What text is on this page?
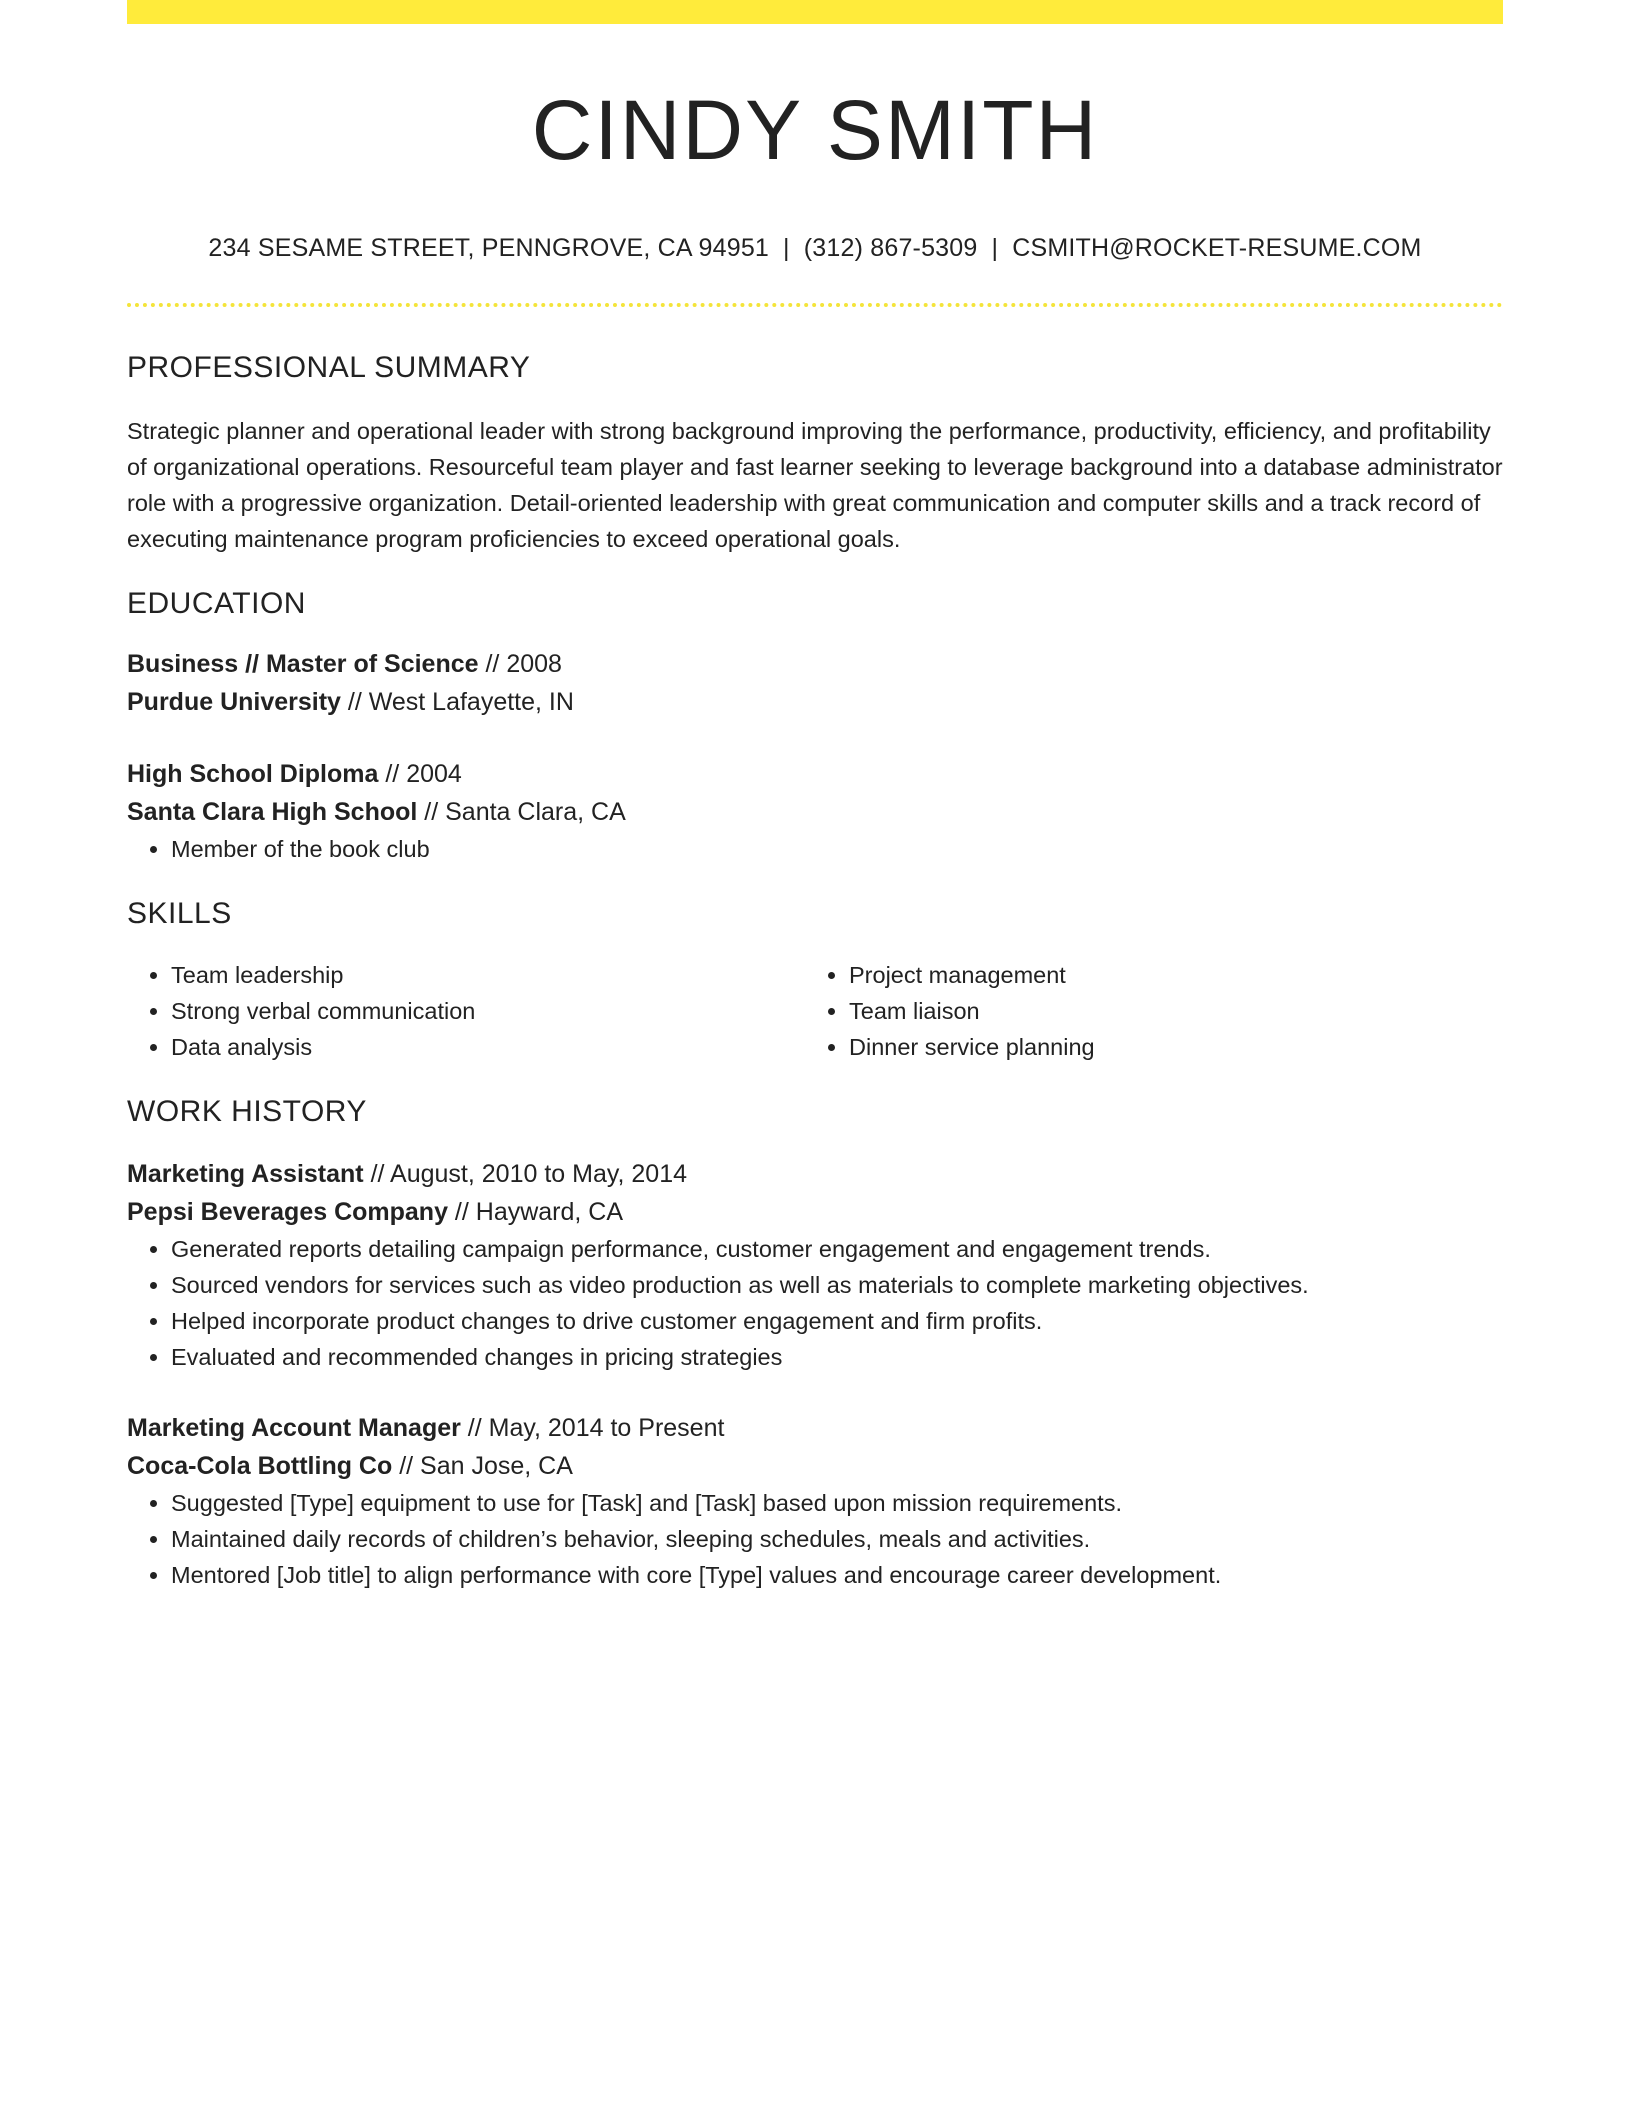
CINDY SMITH
234 SESAME STREET, PENNGROVE, CA 94951 | (312) 867-5309 | CSMITH@ROCKET-RESUME.COM
PROFESSIONAL SUMMARY
Strategic planner and operational leader with strong background improving the performance, productivity, efficiency, and profitability of organizational operations. Resourceful team player and fast learner seeking to leverage background into a database administrator role with a progressive organization. Detail-oriented leadership with great communication and computer skills and a track record of executing maintenance program proficiencies to exceed operational goals.
EDUCATION
Business // Master of Science // 2008
Purdue University // West Lafayette, IN
High School Diploma // 2004
Santa Clara High School // Santa Clara, CA
• Member of the book club
SKILLS
• Team leadership
• Strong verbal communication
• Data analysis
• Project management
• Team liaison
• Dinner service planning
WORK HISTORY
Marketing Assistant // August, 2010 to May, 2014
Pepsi Beverages Company // Hayward, CA
• Generated reports detailing campaign performance, customer engagement and engagement trends.
• Sourced vendors for services such as video production as well as materials to complete marketing objectives.
• Helped incorporate product changes to drive customer engagement and firm profits.
• Evaluated and recommended changes in pricing strategies
Marketing Account Manager // May, 2014 to Present
Coca-Cola Bottling Co // San Jose, CA
• Suggested [Type] equipment to use for [Task] and [Task] based upon mission requirements.
• Maintained daily records of children’s behavior, sleeping schedules, meals and activities.
• Mentored [Job title] to align performance with core [Type] values and encourage career development.
